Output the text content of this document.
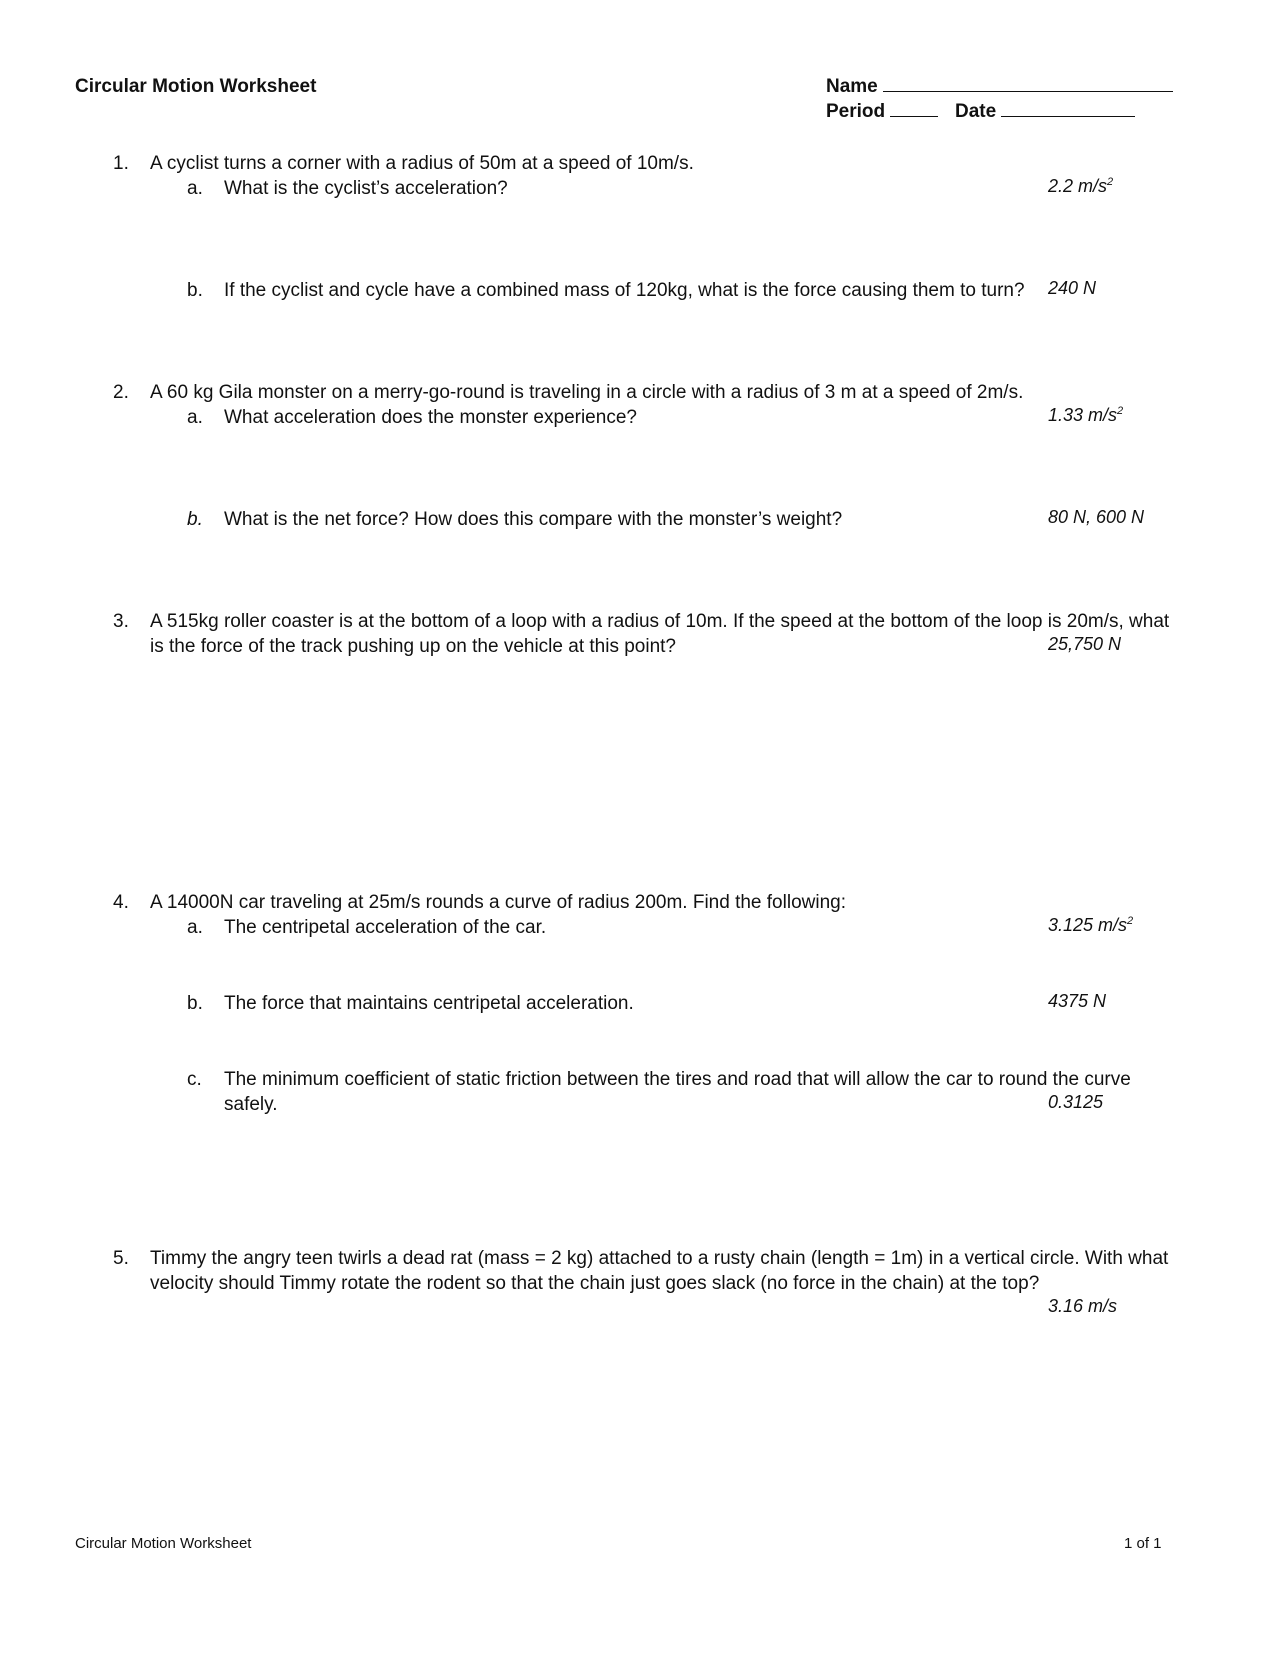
Circular Motion Worksheet	Name
Period	Date
1. A cyclist turns a corner with a radius of 50m at a speed of 10m/s.
a. What is the cyclist’s acceleration?	2.2 $m/s^2$
b. If the cyclist and cycle have a combined mass of 120kg, what is the force causing them to turn? 240 N
2. A 60 kg Gila monster on a merry-go-round is traveling in a circle with a radius of 3 m at a speed of 2m/s.
a. What acceleration does the monster experience?	1.33 $m/s^2$
b. What is the net force? How does this compare with the monster’s weight?	80 N, 600 N
3. A 515kg roller coaster is at the bottom of a loop with a radius of 10m. If the speed at the bottom of the loop is 20m/s, what
is the force of the track pushing up on the vehicle at this point?	25,750 N
4. A 14000N car traveling at 25m/s rounds a curve of radius 200m. Find the following:
a. The centripetal acceleration of the car.	3.125 $m/s^2$
b. The force that maintains centripetal acceleration.	4375 N
c. The minimum coefficient of static friction between the tires and road that will allow the car to round the curve
safely.	0.3125
5. Timmy the angry teen twirls a dead rat (mass = 2 kg) attached to a rusty chain (length = 1m) in a vertical circle. With what
velocity should Timmy rotate the rodent so that the chain just goes slack (no force in the chain) at the top?
3.16 m/s
Circular Motion Worksheet	1 of 1
